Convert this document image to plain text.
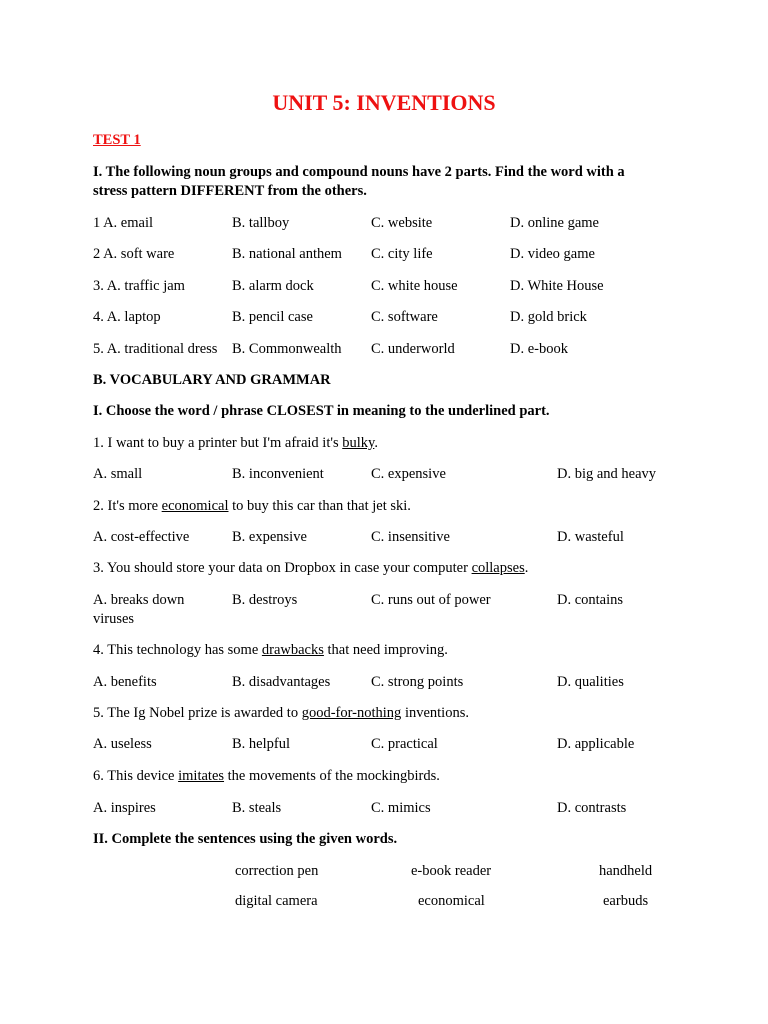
UNIT 5: INVENTIONS
TEST 1
I. The following noun groups and compound nouns have 2 parts. Find the word with a
stress pattern DIFFERENT from the others.
1 A. email	B. tallboy	C. website	D. online game
2 A. soft ware	B. national anthem C. city life	D. video game
3. A. traffic jam	B. alarm dock	C. white house	D. White House
4. A. laptop	B. pencil case	C. software	D. gold brick
5. A. traditional dress B. Commonwealth C. underworld	D. e-book
B. VOCABULARY AND GRAMMAR
I. Choose the word / phrase CLOSEST in meaning to the underlined part.
1. I want to buy a printer but I'm afraid it's bulky.
A. small	B. inconvenient	C. expensive	D. big and heavy
2. It's more economical to buy this car than that jet ski.
A. cost-effective	B. expensive	C. insensitive	D. wasteful
3. You should store your data on Dropbox in case your computer collapses.
A. breaks down	B. destroys	C. runs out of power	D. contains
viruses
4. This technology has some drawbacks that need improving.
A. benefits	B. disadvantages	C. strong points	D. qualities
5. The Ig Nobel prize is awarded to good-for-nothing inventions.
A. useless	B. helpful	C. practical	D. applicable
6. This device imitates the movements of the mockingbirds.
A. inspires	B. steals	C. mimics	D. contrasts
II. Complete the sentences using the given words.
correction pen	e-book reader	handheld
digital camera	economical	earbuds
